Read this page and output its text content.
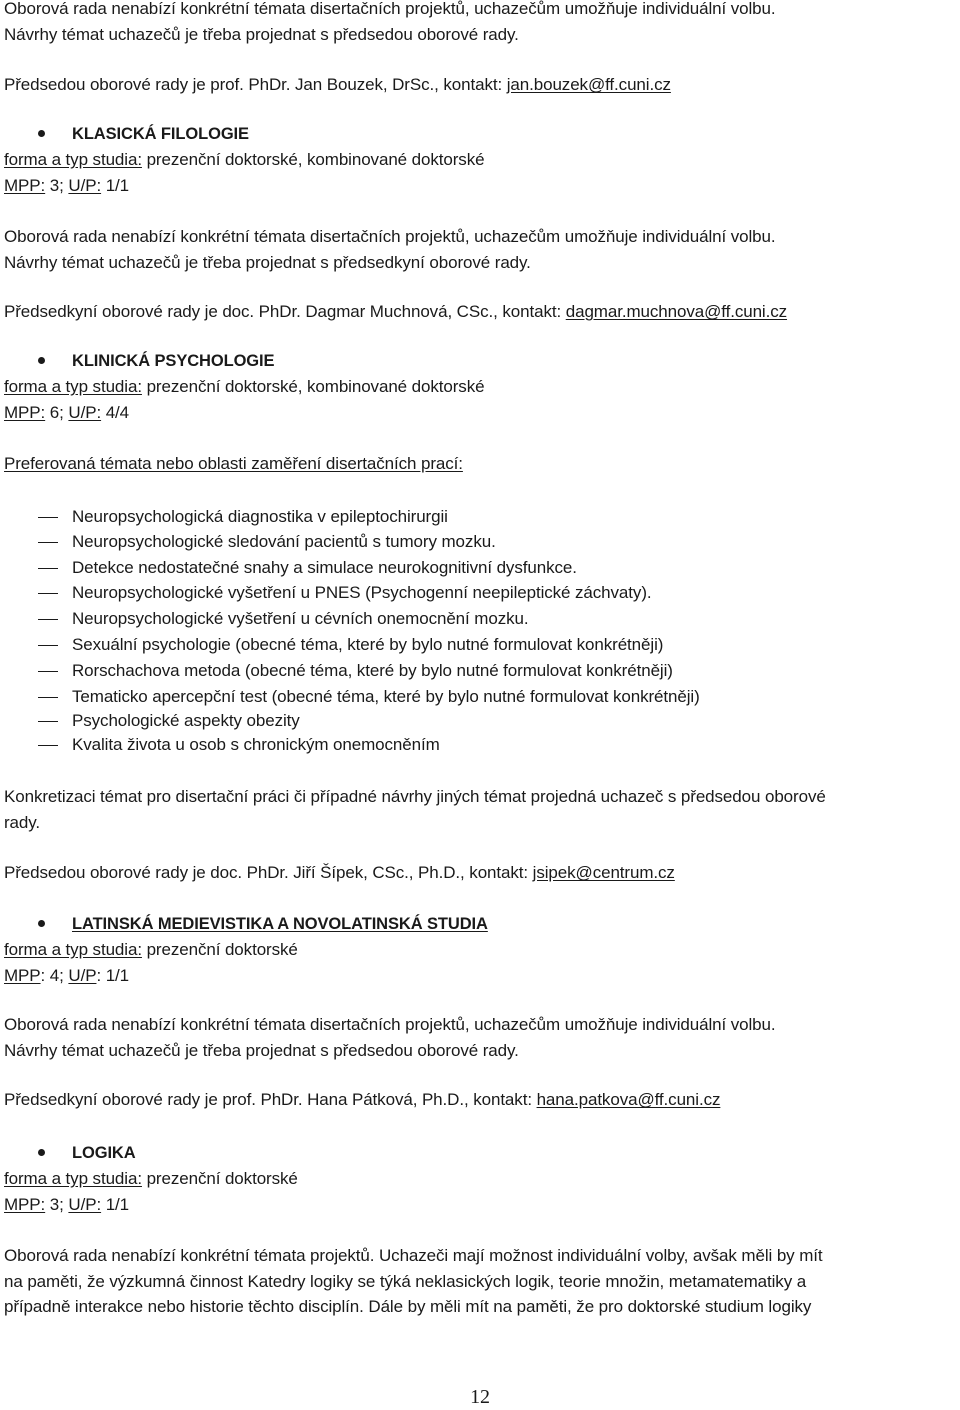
Oborová rada nenabízí konkrétní témata disertačních projektů, uchazečům umožňuje individuální volbu.

Návrhy témat uchazečů je třeba projednat s předsedou oborové rady.

Předsedou oborové rady je prof. PhDr. Jan Bouzek, DrSc., kontakt: jan.bouzek@ff.cuni.cz

KLASICKÁ FILOLOGIE

forma a typ studia: prezenční doktorské, kombinované doktorské

MPP: 3; U/P: 1/1

Oborová rada nenabízí konkrétní témata disertačních projektů, uchazečům umožňuje individuální volbu.

Návrhy témat uchazečů je třeba projednat s předsedkyní oborové rady.

Předsedkyní oborové rady je doc. PhDr. Dagmar Muchnová, CSc., kontakt: dagmar.muchnova@ff.cuni.cz

KLINICKÁ PSYCHOLOGIE

forma a typ studia: prezenční doktorské, kombinované doktorské

MPP: 6; U/P: 4/4

Preferovaná témata nebo oblasti zaměření disertačních prací:

Neuropsychologická diagnostika v epileptochirurgii
Neuropsychologické sledování pacientů s tumory mozku.
Detekce nedostatečné snahy a simulace neurokognitivní dysfunkce.
Neuropsychologické vyšetření u PNES (Psychogenní neepileptické záchvaty).
Neuropsychologické vyšetření u cévních onemocnění mozku.
Sexuální psychologie (obecné téma, které by bylo nutné formulovat konkrétněji)
Rorschachova metoda (obecné téma, které by bylo nutné formulovat konkrétněji)
Tematicko apercepční test (obecné téma, které by bylo nutné formulovat konkrétněji)
Psychologické aspekty obezity
Kvalita života u osob s chronickým onemocněním

Konkretizaci témat pro disertační práci či případné návrhy jiných témat projedná uchazeč s předsedou oborové

rady.

Předsedou oborové rady je doc. PhDr. Jiří Šípek, CSc., Ph.D., kontakt: jsipek@centrum.cz

LATINSKÁ MEDIEVISTIKA A NOVOLATINSKÁ STUDIA

forma a typ studia: prezenční doktorské

MPP: 4; U/P: 1/1

Oborová rada nenabízí konkrétní témata disertačních projektů, uchazečům umožňuje individuální volbu.

Návrhy témat uchazečů je třeba projednat s předsedou oborové rady.

Předsedkyní oborové rady je prof. PhDr. Hana Pátková, Ph.D., kontakt: hana.patkova@ff.cuni.cz

LOGIKA

forma a typ studia: prezenční doktorské

MPP: 3; U/P: 1/1

Oborová rada nenabízí konkrétní témata projektů. Uchazeči mají možnost individuální volby, avšak měli by mít

na paměti, že výzkumná činnost Katedry logiky se týká neklasických logik, teorie množin, metamatematiky a

případně interakce nebo historie těchto disciplín. Dále by měli mít na paměti, že pro doktorské studium logiky

12
